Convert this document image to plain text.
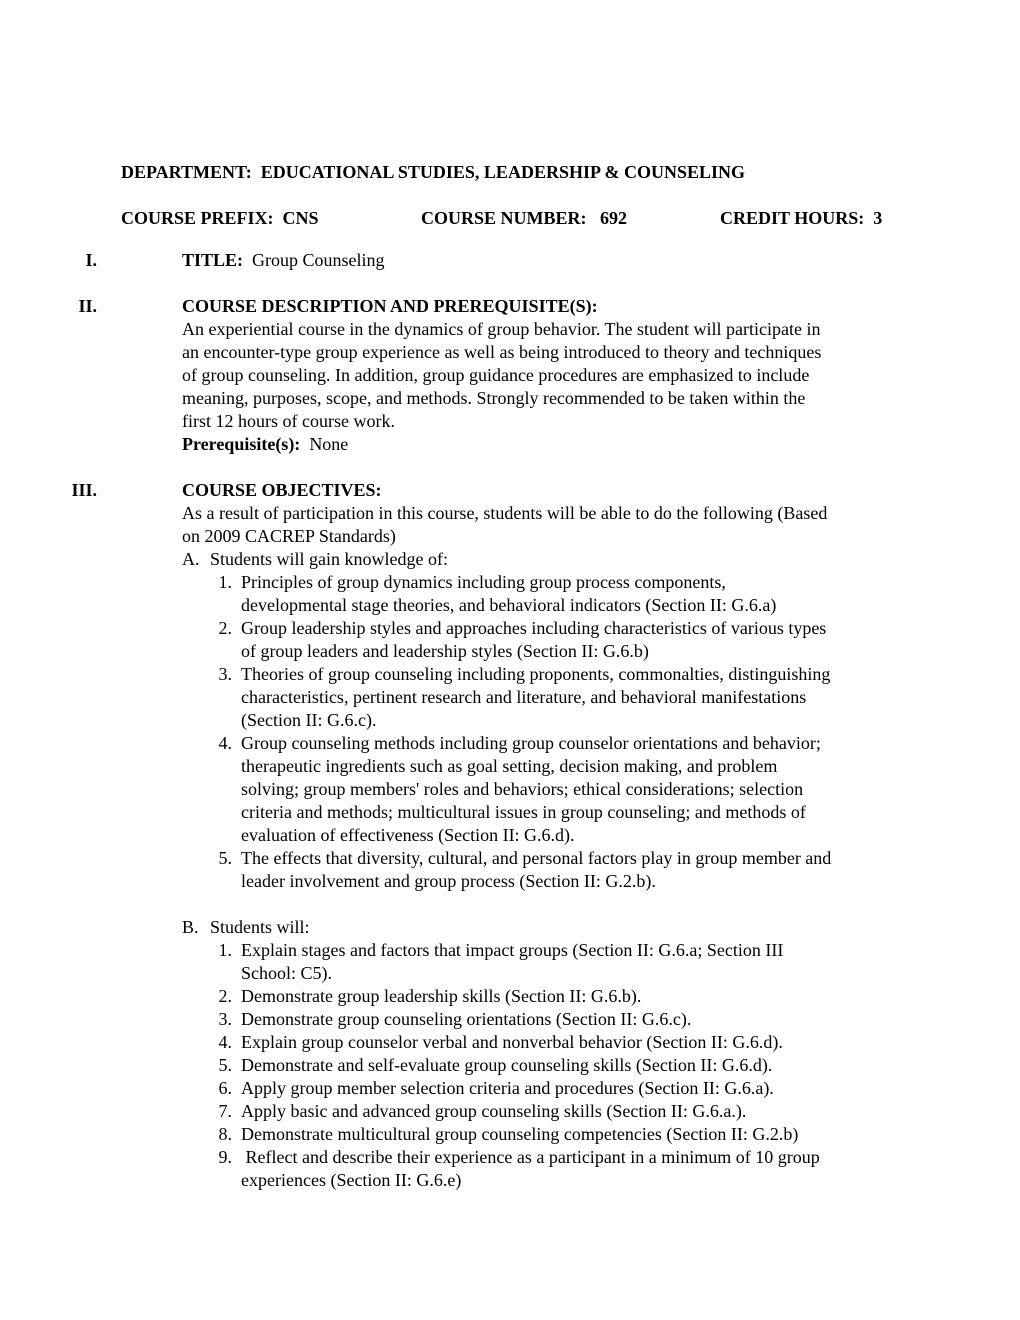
DEPARTMENT: EDUCATIONAL STUDIES, LEADERSHIP & COUNSELING
COURSE PREFIX: CNS	COURSE NUMBER: 692	CREDIT HOURS: 3
I.	TITLE: Group Counseling
II.	COURSE DESCRIPTION AND PREREQUISITE(S):
An experiential course in the dynamics of group behavior. The student will participate in
an encounter-type group experience as well as being introduced to theory and techniques
of group counseling. In addition, group guidance procedures are emphasized to include
meaning, purposes, scope, and methods. Strongly recommended to be taken within the
first 12 hours of course work.
Prerequisite(s): None
III.	COURSE OBJECTIVES:
As a result of participation in this course, students will be able to do the following (Based
on 2009 CACREP Standards)
A. Students will gain knowledge of:
1. Principles of group dynamics including group process components,
developmental stage theories, and behavioral indicators (Section II: G.6.a)
2. Group leadership styles and approaches including characteristics of various types
of group leaders and leadership styles (Section II: G.6.b)
3. Theories of group counseling including proponents, commonalties, distinguishing
characteristics, pertinent research and literature, and behavioral manifestations
(Section II: G.6.c).
4. Group counseling methods including group counselor orientations and behavior;
therapeutic ingredients such as goal setting, decision making, and problem
solving; group members' roles and behaviors; ethical considerations; selection
criteria and methods; multicultural issues in group counseling; and methods of
evaluation of effectiveness (Section II: G.6.d).
5. The effects that diversity, cultural, and personal factors play in group member and
leader involvement and group process (Section II: G.2.b).
B. Students will:
1. Explain stages and factors that impact groups (Section II: G.6.a; Section III
School: C5).
2. Demonstrate group leadership skills (Section II: G.6.b).
3. Demonstrate group counseling orientations (Section II: G.6.c).
4. Explain group counselor verbal and nonverbal behavior (Section II: G.6.d).
5. Demonstrate and self-evaluate group counseling skills (Section II: G.6.d).
6. Apply group member selection criteria and procedures (Section II: G.6.a).
7. Apply basic and advanced group counseling skills (Section II: G.6.a.).
8. Demonstrate multicultural group counseling competencies (Section II: G.2.b)
9. Reflect and describe their experience as a participant in a minimum of 10 group
experiences (Section II: G.6.e)
